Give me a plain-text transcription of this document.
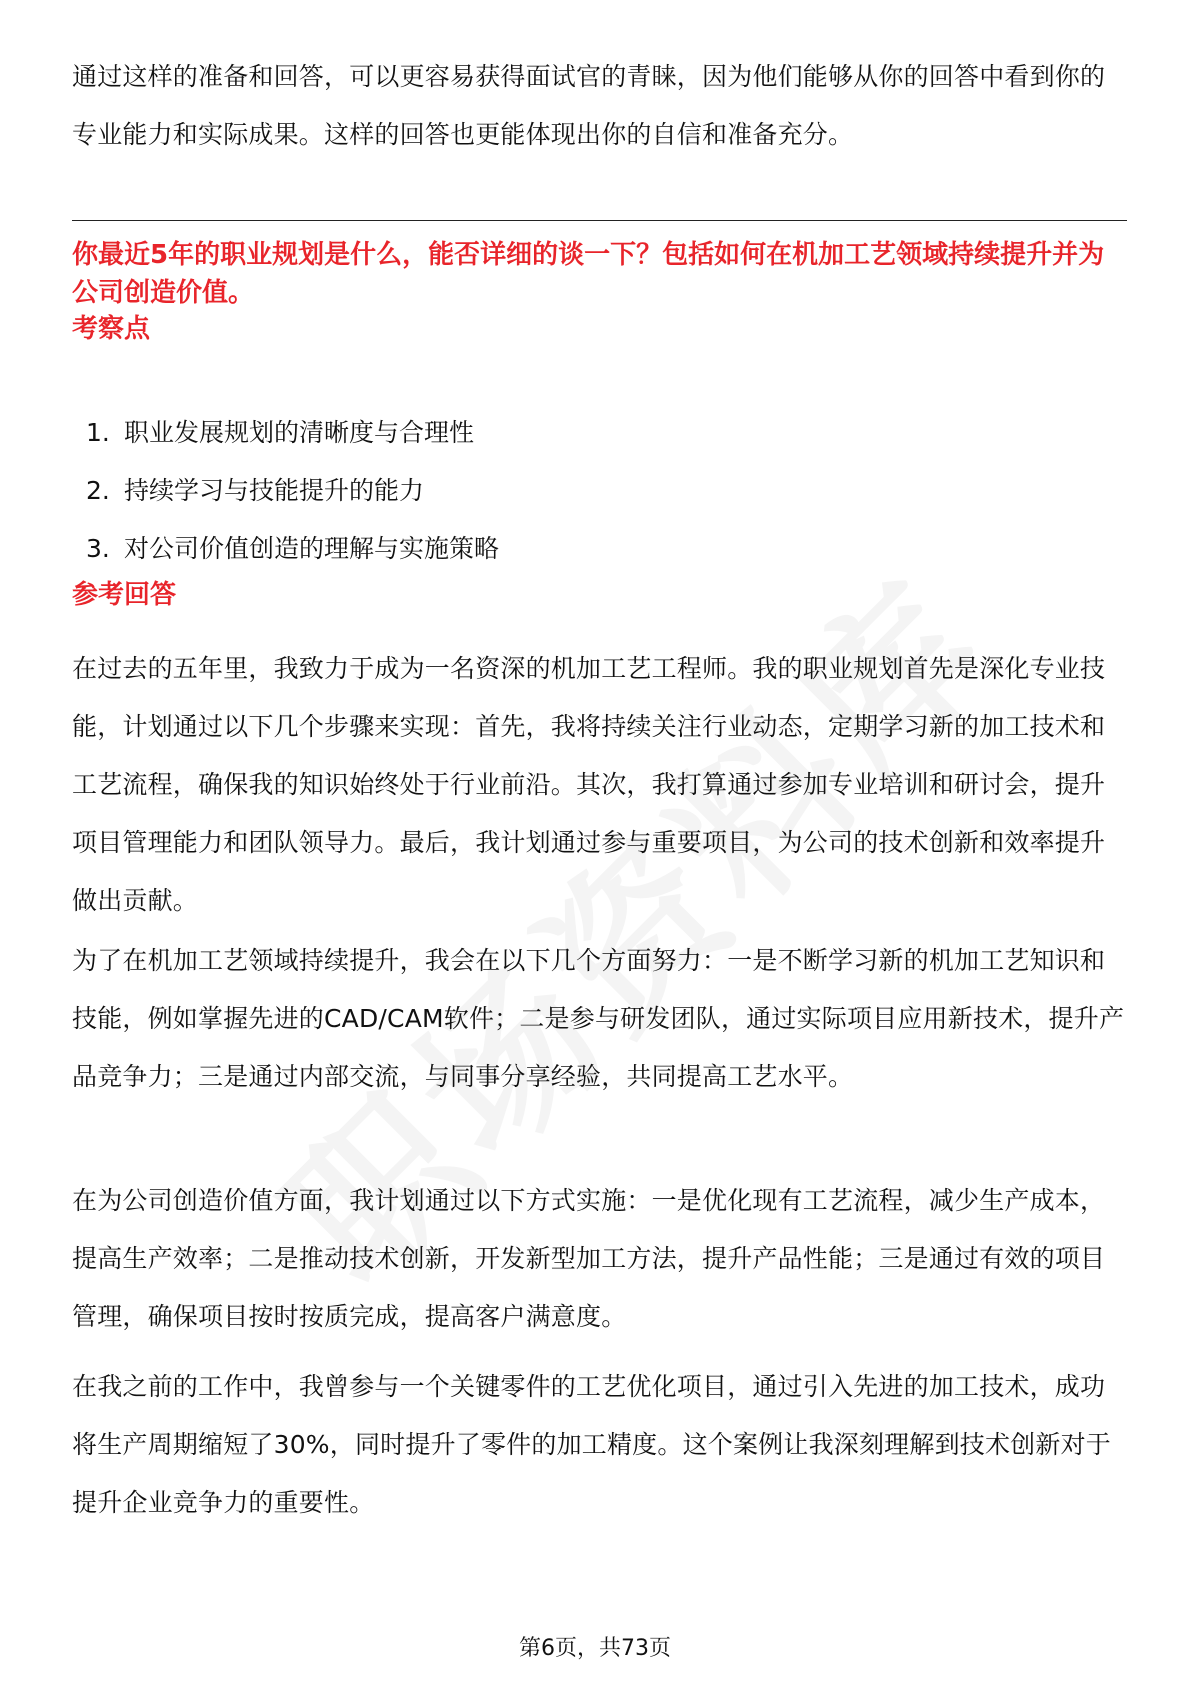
通过这样的准备和回答，可以更容易获得面试官的青睐，因为他们能够从你的回答中看到你的专业能力和实际成果。这样的回答也更能体现出你的自信和准备充分。

你最近5年的职业规划是什么，能否详细的谈一下？包括如何在机加工艺领域持续提升并为公司创造价值。

考察点
1. 职业发展规划的清晰度与合理性
2. 持续学习与技能提升的能力
3. 对公司价值创造的理解与实施策略
参考回答

在过去的五年里，我致力于成为一名资深的机加工艺工程师。我的职业规划首先是深化专业技能，计划通过以下几个步骤来实现：首先，我将持续关注行业动态，定期学习新的加工技术和工艺流程，确保我的知识始终处于行业前沿。其次，我打算通过参加专业培训和研讨会，提升项目管理能力和团队领导力。最后，我计划通过参与重要项目，为公司的技术创新和效率提升做出贡献。

为了在机加工艺领域持续提升，我会在以下几个方面努力：一是不断学习新的机加工艺知识和技能，例如掌握先进的CAD/CAM软件；二是参与研发团队，通过实际项目应用新技术，提升产品竞争力；三是通过内部交流，与同事分享经验，共同提高工艺水平。

在为公司创造价值方面，我计划通过以下方式实施：一是优化现有工艺流程，减少生产成本，提高生产效率；二是推动技术创新，开发新型加工方法，提升产品性能；三是通过有效的项目管理，确保项目按时按质完成，提高客户满意度。

在我之前的工作中，我曾参与一个关键零件的工艺优化项目，通过引入先进的加工技术，成功将生产周期缩短了30%，同时提升了零件的加工精度。这个案例让我深刻理解到技术创新对于提升企业竞争力的重要性。

第6页，共73页
